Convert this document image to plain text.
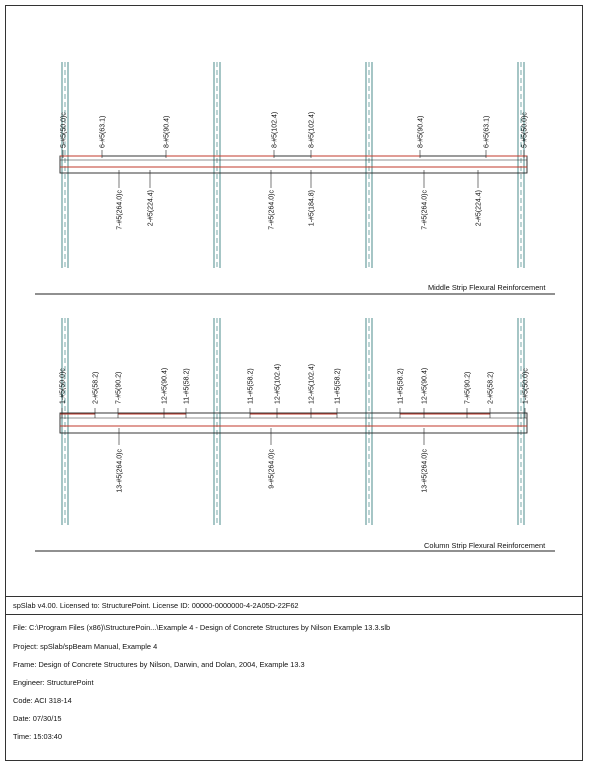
5-#5(50.0)c	6-#5(63.1)	8-#5(90.4)	8-#5(102.4)	8-#5(102.4)	8-#5(90.4)	6-#5(63.1)	5-#5(50.0)c
7-#5(264.0)c	2-#5(224.4)	7-#5(264.0)c	1-#5(184.8)	7-#5(264.0)c	2-#5(224.4)
1-#5(50.0)c	2-#5(58.2) 7-#5(90.2)	12-#5(90.4) 11-#5(58.2)	11-#5(58.2)	12-#5(102.4)	12-#5(102.4)	11-#5(58.2)	11-#5(58.2) 12-#5(90.4)	7-#5(90.2) 2-#5(58.2)	1-#5(50.0)c
13-#5(264.0)c	9-#5(264.0)c	13-#5(264.0)c
Middle Strip Flexural Reinforcement
Column Strip Flexural Reinforcement
spSlab v4.00. Licensed to: StructurePoint. License ID: 00000-0000000-4-2A05D-22F62
File: C:\Program Files (x86)\StructurePoin...\Example 4 - Design of Concrete Structures by Nilson Example 13.3.slb
Project: spSlab/spBeam Manual, Example 4
Frame: Design of Concrete Structures by Nilson, Darwin, and Dolan, 2004, Example 13.3
Engineer: StructurePoint
Code: ACI 318-14
Date: 07/30/15
Time: 15:03:40
